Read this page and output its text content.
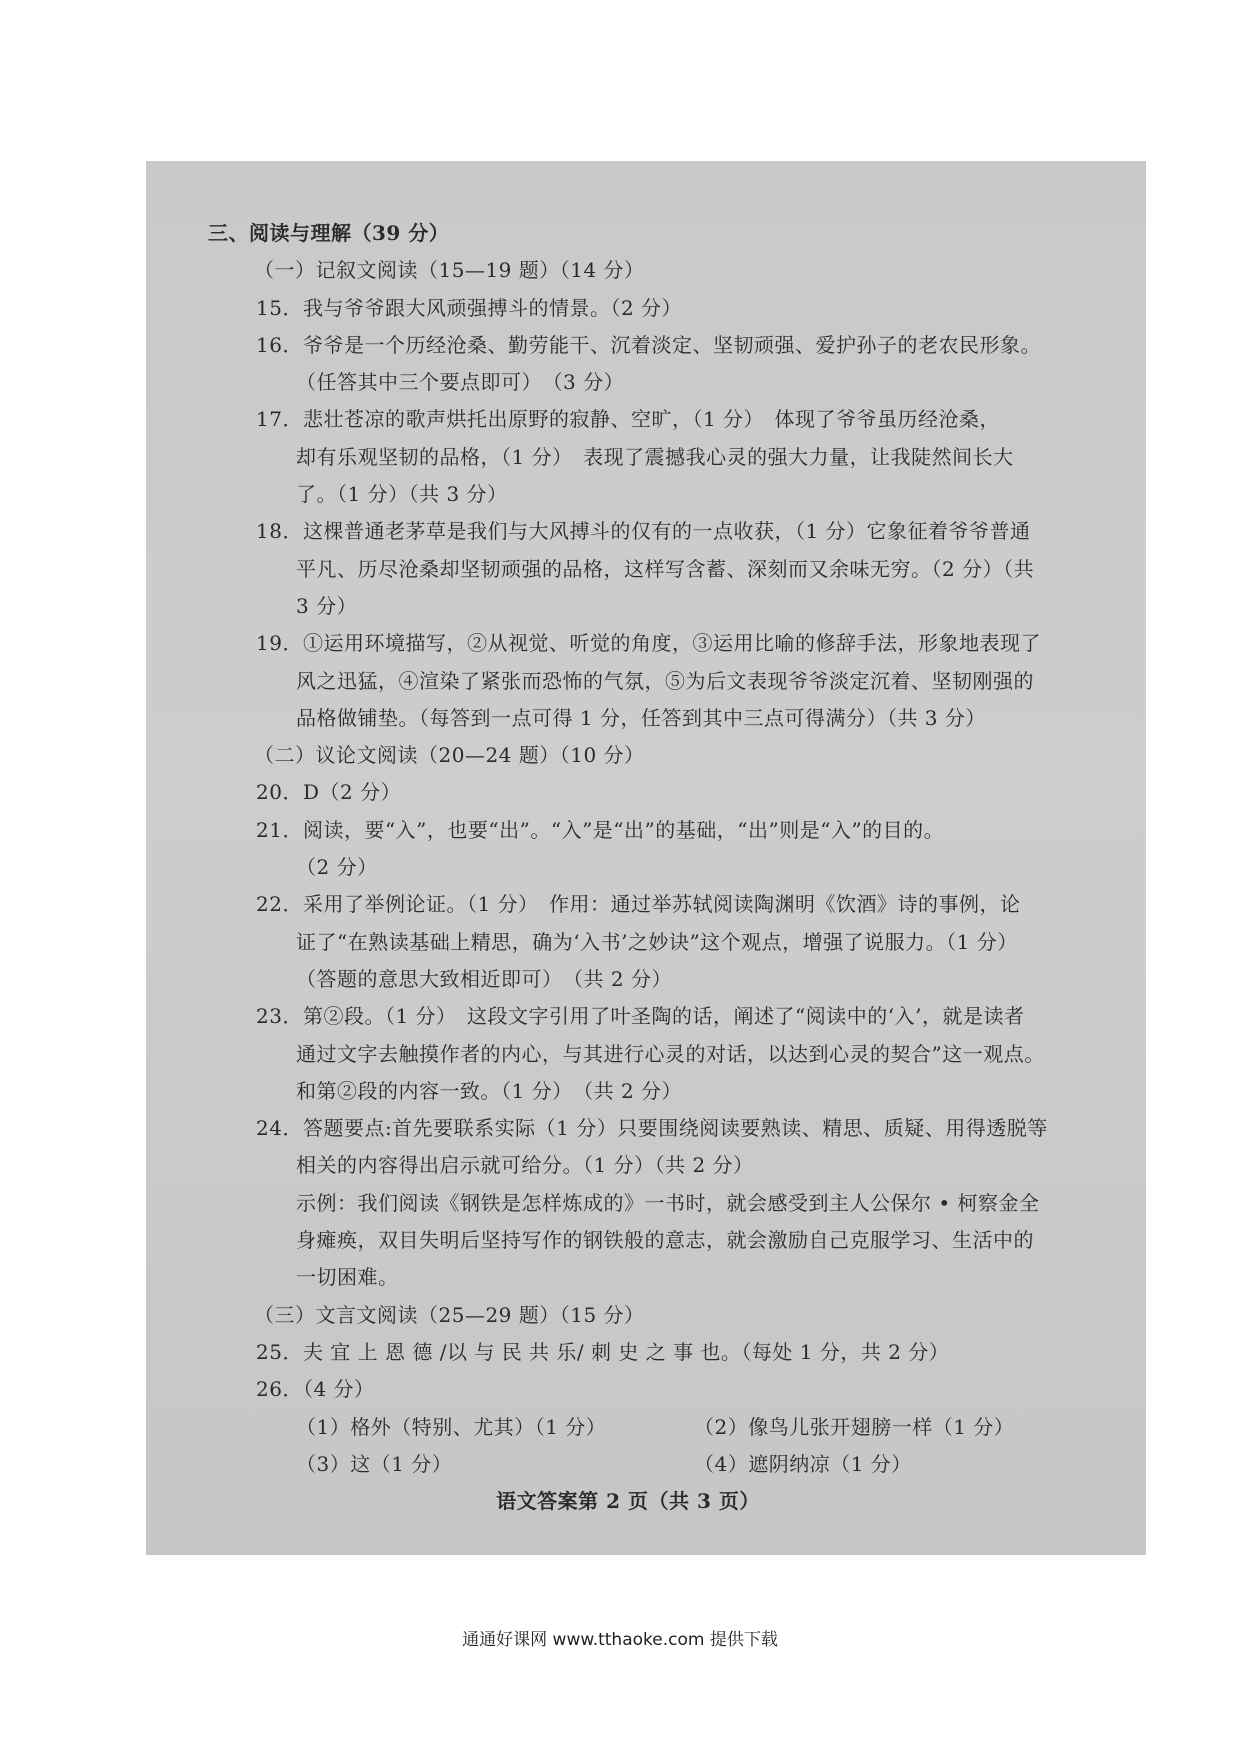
三、阅读与理解（39 分）
（一）记叙文阅读（15—19 题）（14 分）
15．我与爷爷跟大风顽强搏斗的情景。（2 分）
16．爷爷是一个历经沧桑、勤劳能干、沉着淡定、坚韧顽强、爱护孙子的老农民形象。
（任答其中三个要点即可）　（3 分）
17．悲壮苍凉的歌声烘托出原野的寂静、空旷，（1 分）　体现了爷爷虽历经沧桑，
却有乐观坚韧的品格，（1 分）　表现了震撼我心灵的强大力量，让我陡然间长大
了。（1 分）（共 3 分）
18．这棵普通老茅草是我们与大风搏斗的仅有的一点收获，（1 分）它象征着爷爷普通
平凡、历尽沧桑却坚韧顽强的品格，这样写含蓄、深刻而又余味无穷。（2 分）（共
3 分）
19．①运用环境描写，②从视觉、听觉的角度，③运用比喻的修辞手法，形象地表现了
风之迅猛，④渲染了紧张而恐怖的气氛，⑤为后文表现爷爷淡定沉着、坚韧刚强的
品格做铺垫。（每答到一点可得 1 分，任答到其中三点可得满分）（共 3 分）
（二）议论文阅读（20—24 题）（10 分）
20．D（2 分）
21．阅读，要“入”，也要“出”。“入”是“出”的基础，“出”则是“入”的目的。
（2 分）
22．采用了举例论证。（1 分）　作用：通过举苏轼阅读陶渊明《饮酒》诗的事例，论
证了“在熟读基础上精思，确为‘入书’之妙诀”这个观点，增强了说服力。（1 分）
（答题的意思大致相近即可）　（共 2 分）
23．第②段。（1 分）　这段文字引用了叶圣陶的话，阐述了“阅读中的‘入’，就是读者
通过文字去触摸作者的内心，与其进行心灵的对话，以达到心灵的契合”这一观点。
和第②段的内容一致。（1 分）　（共 2 分）
24．答题要点:首先要联系实际（1 分）只要围绕阅读要熟读、精思、质疑、用得透脱等
相关的内容得出启示就可给分。（1 分）（共 2 分）
示例：我们阅读《钢铁是怎样炼成的》一书时，就会感受到主人公保尔 • 柯察金全
身瘫痪，双目失明后坚持写作的钢铁般的意志，就会激励自己克服学习、生活中的
一切困难。
（三）文言文阅读（25—29 题）（15 分）
25．夫 宜 上 恩 德 /以 与 民 共 乐/ 刺 史 之 事 也。（每处 1 分，共 2 分）
26．（4 分）
（1）格外（特别、尤其）（1 分）	（2）像鸟儿张开翅膀一样（1 分）
（3）这（1 分）	（4）遮阴纳凉（1 分）
语文答案第 2 页（共 3 页）
通通好课网 www.tthaoke.com 提供下载
